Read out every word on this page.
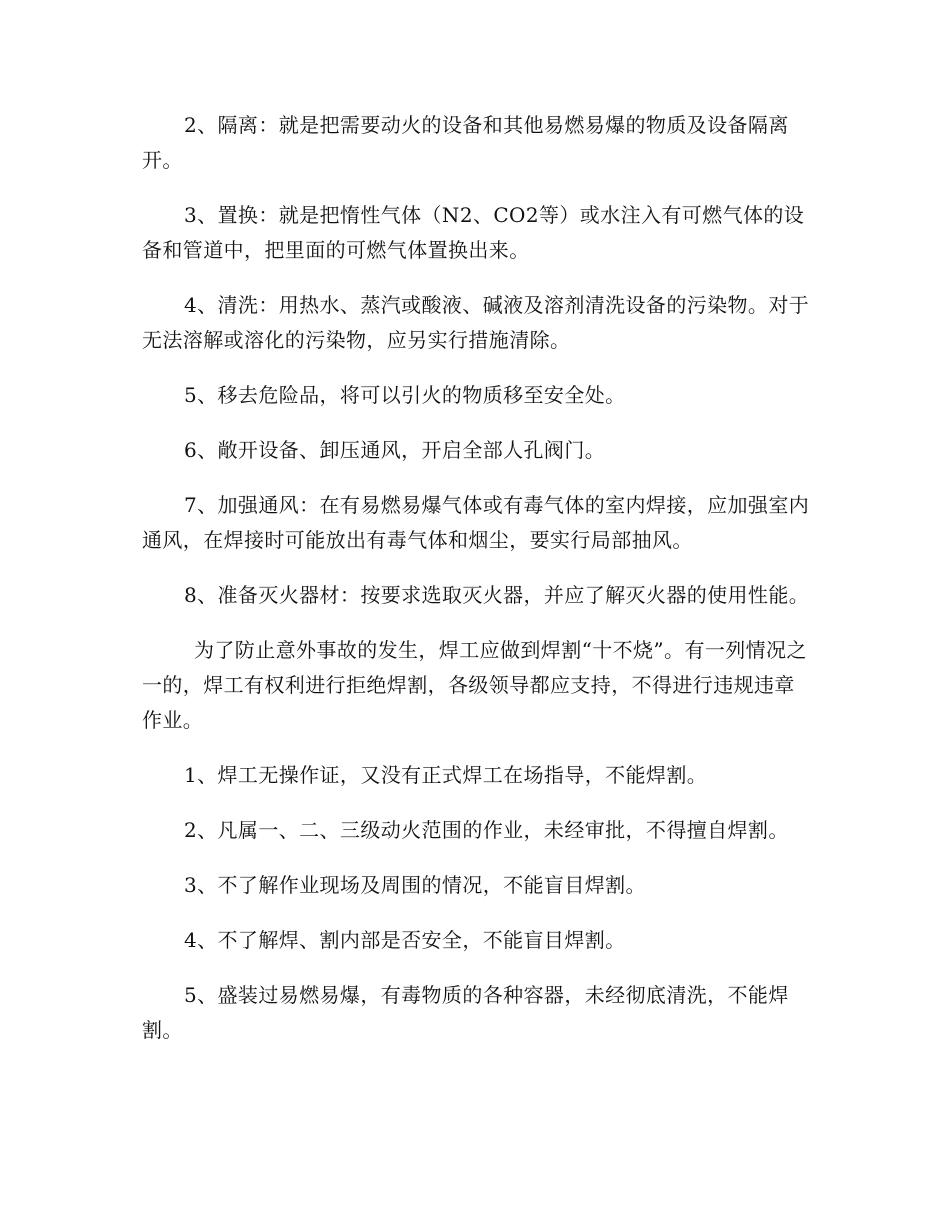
2、隔离：就是把需要动火的设备和其他易燃易爆的物质及设备隔离开。

3、置换：就是把惰性气体（N2、CO2等）或水注入有可燃气体的设备和管道中，把里面的可燃气体置换出来。

4、清洗：用热水、蒸汽或酸液、碱液及溶剂清洗设备的污染物。对于无法溶解或溶化的污染物，应另实行措施清除。

5、移去危险品，将可以引火的物质移至安全处。

6、敞开设备、卸压通风，开启全部人孔阀门。

7、加强通风：在有易燃易爆气体或有毒气体的室内焊接，应加强室内通风，在焊接时可能放出有毒气体和烟尘，要实行局部抽风。

8、准备灭火器材：按要求选取灭火器，并应了解灭火器的使用性能。

为了防止意外事故的发生，焊工应做到焊割“十不烧”。有一列情况之一的，焊工有权利进行拒绝焊割，各级领导都应支持，不得进行违规违章作业。

1、焊工无操作证，又没有正式焊工在场指导，不能焊割。

2、凡属一、二、三级动火范围的作业，未经审批，不得擅自焊割。

3、不了解作业现场及周围的情况，不能盲目焊割。

4、不了解焊、割内部是否安全，不能盲目焊割。

5、盛装过易燃易爆，有毒物质的各种容器，未经彻底清洗，不能焊割。
